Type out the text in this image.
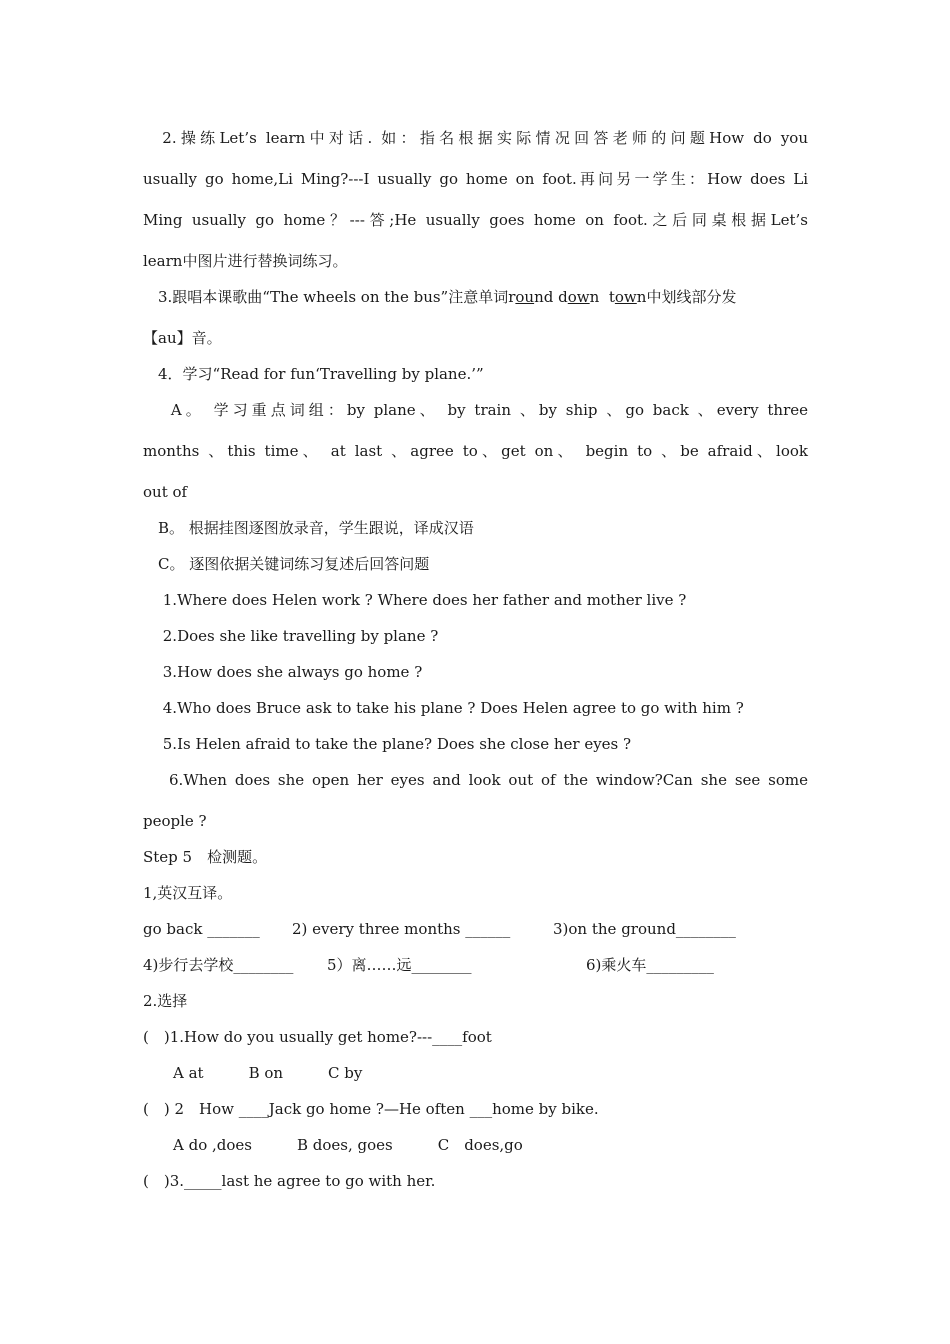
　2.操练Let’s learn中对话. 如：指名根据实际情况回答老师的问题How do you
usually go home,Li Ming?---I usually go home on foot.再问另一学生：How does Li
Ming usually go home？---答;He usually goes home on foot.之后同桌根据Let’s
learn中图片进行替换词练习。
　3.跟唱本课歌曲“The wheels on the bus”注意单词round down town中划线部分发
【au】音。
　4．学习“Read for fun‘Travelling by plane.’”
　 A。 学习重点词组：by plane、 by train 、by ship 、go back 、every three
months 、this time、 at last 、agree to、get on、 begin to 、be afraid、look
out of
　B。 根据挂图逐图放录音，学生跟说，译成汉语
　C。 逐图依据关键词练习复述后回答问题
　 1.Where does Helen work ? Where does her father and mother live ?
　 2.Does she like travelling by plane ?
　 3.How does she always go home ?
　 4.Who does Bruce ask to take his plane ? Does Helen agree to go with him ?
　 5.Is Helen afraid to take the plane? Does she close her eyes ?
　 6.When does she open her eyes and look out of the window?Can she see some
people ?
Step 5　检测题。
1,英汉互译。
go back _______	2) every three months ______	3)on the ground________
4)步行去学校________	5）离……远________	6)乘火车_________
2.选择
(　)1.How do you usually get home?---____foot
　　A at　　　B on　　　C by
(　) 2　How ____Jack go home ?—He often ___home by bike.
　　A do ,does　　　B does, goes　　　C　does,go
(　)3._____last he agree to go with her.
